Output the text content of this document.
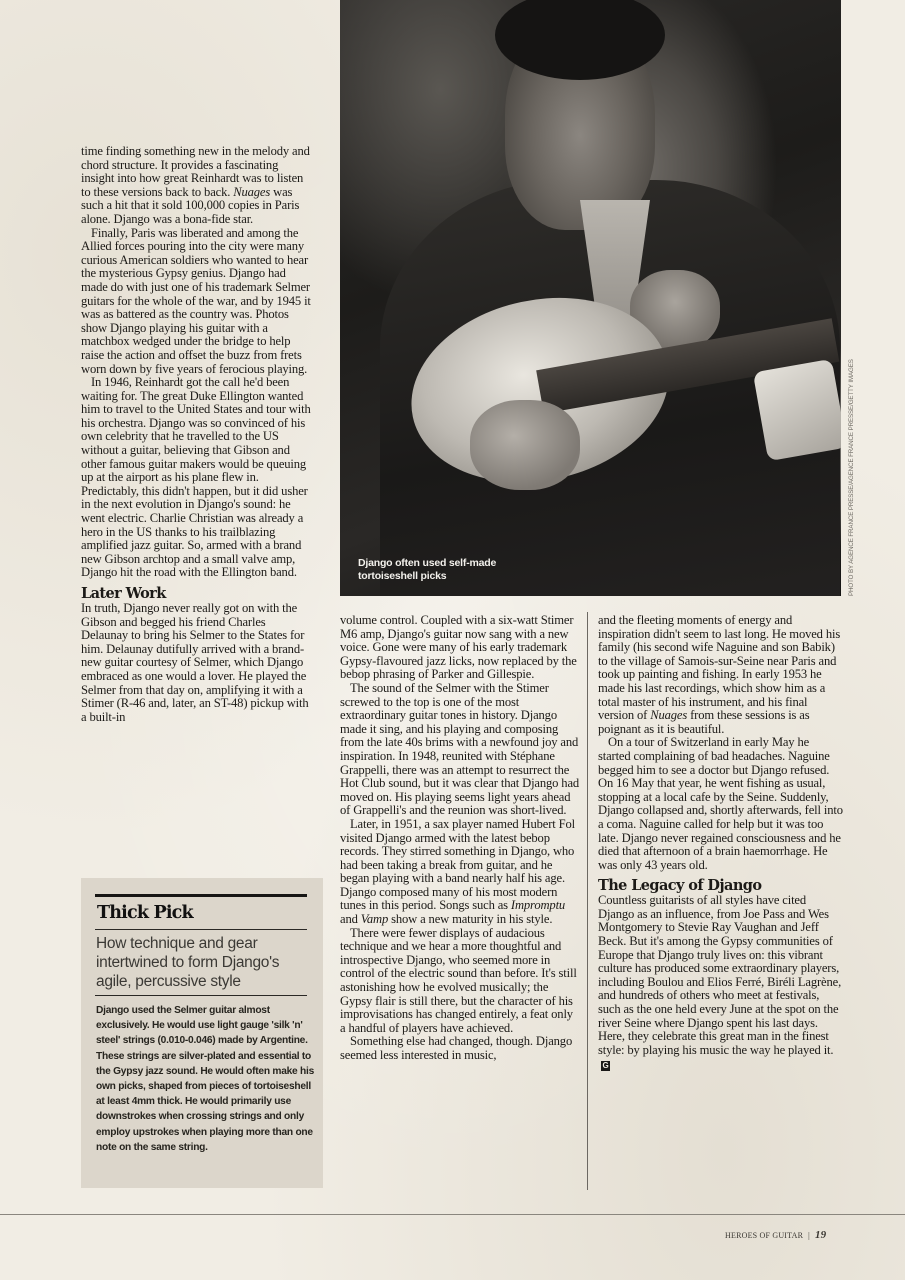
Django often used self-made
tortoiseshell picks	PHOTO BY AGENCE FRANCE PRESSE/AGENCE FRANCE PRESSE/GETTY IMAGES

time finding something new in the melody and chord structure. It provides a fascinating insight into how great Reinhardt was to listen to these versions back to back. Nuages was such a hit that it sold 100,000 copies in Paris alone. Django was a bona-fide star.

Finally, Paris was liberated and among the Allied forces pouring into the city were many curious American soldiers who wanted to hear the mysterious Gypsy genius. Django had made do with just one of his trademark Selmer guitars for the whole of the war, and by 1945 it was as battered as the country was. Photos show Django playing his guitar with a matchbox wedged under the bridge to help raise the action and offset the buzz from frets worn down by five years of ferocious playing.

In 1946, Reinhardt got the call he'd been waiting for. The great Duke Ellington wanted him to travel to the United States and tour with his orchestra. Django was so convinced of his own celebrity that he travelled to the US without a guitar, believing that Gibson and other famous guitar makers would be queuing up at the airport as his plane flew in. Predictably, this didn't happen, but it did usher in the next evolution in Django's sound: he went electric. Charlie Christian was already a hero in the US thanks to his trailblazing amplified jazz guitar. So, armed with a brand new Gibson archtop and a small valve amp, Django hit the road with the Ellington band.

Later Work

In truth, Django never really got on with the Gibson and begged his friend Charles Delaunay to bring his Selmer to the States for him. Delaunay dutifully arrived with a brand-new guitar courtesy of Selmer, which Django embraced as one would a lover. He played the Selmer from that day on, amplifying it with a Stimer (R-46 and, later, an ST-48) pickup with a built-in

Thick Pick
How technique and gear intertwined to form Django's agile, percussive style
Django used the Selmer guitar almost exclusively. He would use light gauge 'silk 'n' steel' strings (0.010-0.046) made by Argentine. These strings are silver-plated and essential to the Gypsy jazz sound. He would often make his own picks, shaped from pieces of tortoiseshell at least 4mm thick. He would primarily use downstrokes when crossing strings and only employ upstrokes when playing more than one note on the same string.

volume control. Coupled with a six-watt Stimer M6 amp, Django's guitar now sang with a new voice. Gone were many of his early trademark Gypsy-flavoured jazz licks, now replaced by the bebop phrasing of Parker and Gillespie.

The sound of the Selmer with the Stimer screwed to the top is one of the most extraordinary guitar tones in history. Django made it sing, and his playing and composing from the late 40s brims with a newfound joy and inspiration. In 1948, reunited with Stéphane Grappelli, there was an attempt to resurrect the Hot Club sound, but it was clear that Django had moved on. His playing seems light years ahead of Grappelli's and the reunion was short-lived.

Later, in 1951, a sax player named Hubert Fol visited Django armed with the latest bebop records. They stirred something in Django, who had been taking a break from guitar, and he began playing with a band nearly half his age. Django composed many of his most modern tunes in this period. Songs such as Impromptu and Vamp show a new maturity in his style.

There were fewer displays of audacious technique and we hear a more thoughtful and introspective Django, who seemed more in control of the electric sound than before. It's still astonishing how he evolved musically; the Gypsy flair is still there, but the character of his improvisations has changed entirely, a feat only a handful of players have achieved.

Something else had changed, though. Django seemed less interested in music,

and the fleeting moments of energy and inspiration didn't seem to last long. He moved his family (his second wife Naguine and son Babik) to the village of Samois-sur-Seine near Paris and took up painting and fishing. In early 1953 he made his last recordings, which show him as a total master of his instrument, and his final version of Nuages from these sessions is as poignant as it is beautiful.

On a tour of Switzerland in early May he started complaining of bad headaches. Naguine begged him to see a doctor but Django refused. On 16 May that year, he went fishing as usual, stopping at a local cafe by the Seine. Suddenly, Django collapsed and, shortly afterwards, fell into a coma. Naguine called for help but it was too late. Django never regained consciousness and he died that afternoon of a brain haemorrhage. He was only 43 years old.

The Legacy of Django

Countless guitarists of all styles have cited Django as an influence, from Joe Pass and Wes Montgomery to Stevie Ray Vaughan and Jeff Beck. But it's among the Gypsy communities of Europe that Django truly lives on: this vibrant culture has produced some extraordinary players, including Boulou and Elios Ferré, Biréli Lagrène, and hundreds of others who meet at festivals, such as the one held every June at the spot on the river Seine where Django spent his last days. Here, they celebrate this great man in the finest style: by playing his music the way he played it.G

HEROES OF GUITAR | 19
